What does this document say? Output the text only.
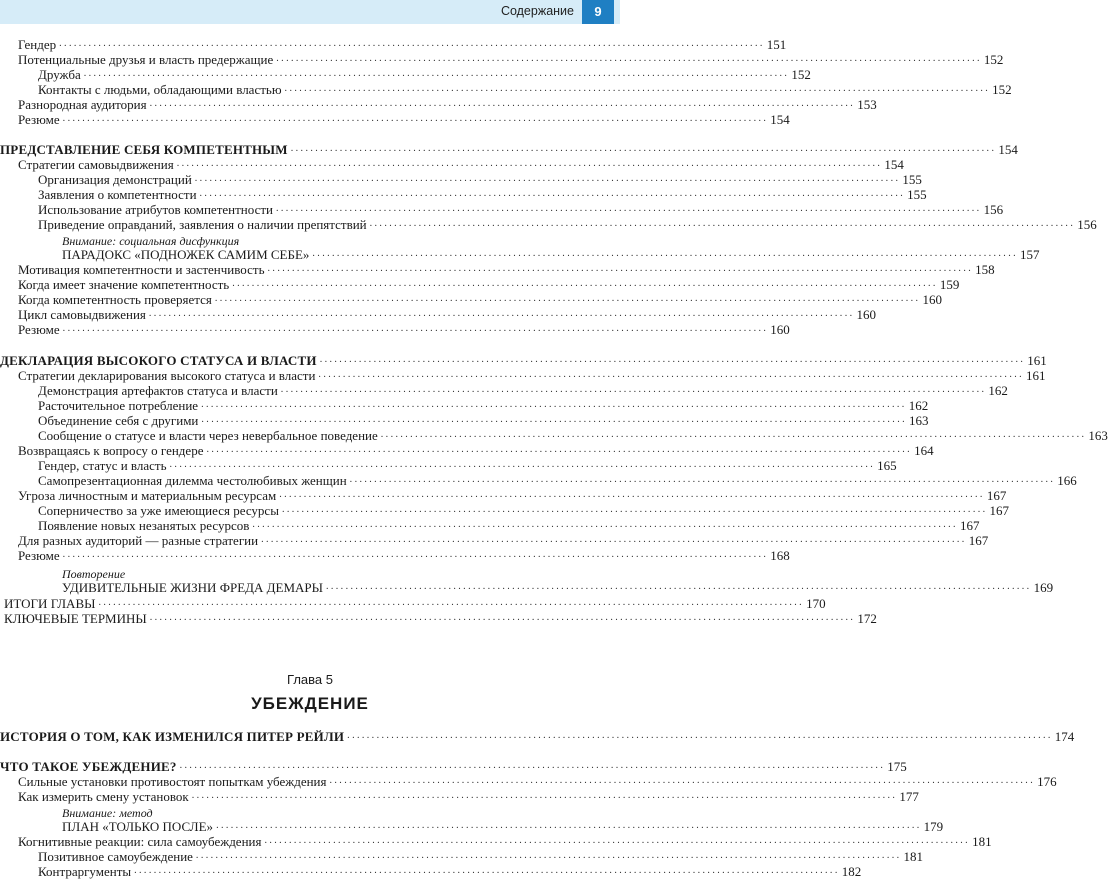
Содержание	9
Гендер ................................................................................................................................................ 151
Потенциальные друзья и власть предержащие ................................................................................................................................................ 152
Дружба ................................................................................................................................................ 152
Контакты с людьми, обладающими властью ................................................................................................................................................ 152
Разнородная аудитория ................................................................................................................................................ 153
Резюме ................................................................................................................................................ 154
ПРЕДСТАВЛЕНИЕ СЕБЯ КОМПЕТЕНТНЫМ ................................................................................................................................................ 154
Стратегии самовыдвижения ................................................................................................................................................ 154
Организация демонстраций ................................................................................................................................................ 155
Заявления о компетентности ................................................................................................................................................ 155
Использование атрибутов компетентности ................................................................................................................................................ 156
Приведение оправданий, заявления о наличии препятствий ................................................................................................................................................ 156
Внимание: социальная дисфункция
ПАРАДОКС «ПОДНОЖЕК САМИМ СЕБЕ» ................................................................................................................................................ 157
Мотивация компетентности и застенчивость ................................................................................................................................................ 158
Когда имеет значение компетентность ................................................................................................................................................ 159
Когда компетентность проверяется ................................................................................................................................................ 160
Цикл самовыдвижения ................................................................................................................................................ 160
Резюме ................................................................................................................................................ 160
ДЕКЛАРАЦИЯ ВЫСОКОГО СТАТУСА И ВЛАСТИ ................................................................................................................................................ 161
Стратегии декларирования высокого статуса и власти ................................................................................................................................................ 161
Демонстрация артефактов статуса и власти ................................................................................................................................................ 162
Расточительное потребление ................................................................................................................................................ 162
Объединение себя с другими ................................................................................................................................................ 163
Сообщение о статусе и власти через невербальное поведение ................................................................................................................................................ 163
Возвращаясь к вопросу о гендере ................................................................................................................................................ 164
Гендер, статус и власть ................................................................................................................................................ 165
Самопрезентационная дилемма честолюбивых женщин ................................................................................................................................................ 166
Угроза личностным и материальным ресурсам ................................................................................................................................................ 167
Соперничество за уже имеющиеся ресурсы ................................................................................................................................................ 167
Появление новых незанятых ресурсов ................................................................................................................................................ 167
Для разных аудиторий — разные стратегии ................................................................................................................................................ 167
Резюме ................................................................................................................................................ 168
Повторение
УДИВИТЕЛЬНЫЕ ЖИЗНИ ФРЕДА ДЕМАРЫ ................................................................................................................................................ 169
ИТОГИ ГЛАВЫ ................................................................................................................................................ 170
КЛЮЧЕВЫЕ ТЕРМИНЫ ................................................................................................................................................ 172
Глава 5
УБЕЖДЕНИЕ
ИСТОРИЯ О ТОМ, КАК ИЗМЕНИЛСЯ ПИТЕР РЕЙЛИ ................................................................................................................................................ 174
ЧТО ТАКОЕ УБЕЖДЕНИЕ? ................................................................................................................................................ 175
Сильные установки противостоят попыткам убеждения ................................................................................................................................................ 176
Как измерить смену установок ................................................................................................................................................ 177
Внимание: метод
ПЛАН «ТОЛЬКО ПОСЛЕ» ................................................................................................................................................ 179
Когнитивные реакции: сила самоубеждения ................................................................................................................................................ 181
Позитивное самоубеждение ................................................................................................................................................ 181
Контраргументы ................................................................................................................................................ 182
